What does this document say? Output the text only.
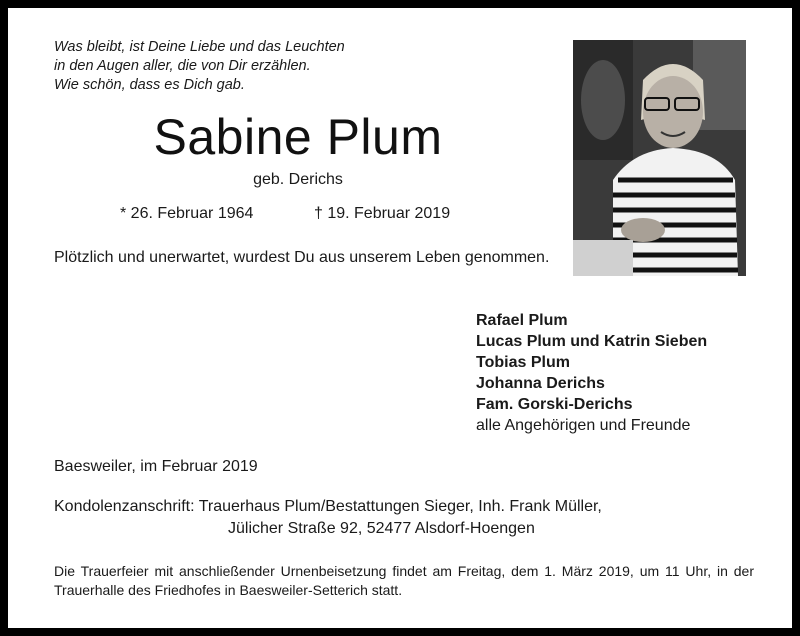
Was bleibt, ist Deine Liebe und das Leuchten
in den Augen aller, die von Dir erzählen.
Wie schön, dass es Dich gab.
Sabine Plum
geb. Derichs
* 26. Februar 1964	† 19. Februar 2019
Plötzlich und unerwartet, wurdest Du aus unserem Leben genommen.
Rafael Plum
Lucas Plum und Katrin Sieben
Tobias Plum
Johanna Derichs
Fam. Gorski-Derichs
alle Angehörigen und Freunde
Baesweiler, im Februar 2019
Kondolenzanschrift: Trauerhaus Plum/Bestattungen Sieger, Inh. Frank Müller,
Jülicher Straße 92, 52477 Alsdorf-Hoengen
Die Trauerfeier mit anschließender Urnenbeisetzung findet am Freitag, dem 1. März 2019, um 11 Uhr, in der Trauerhalle des Friedhofes in Baesweiler-Setterich statt.
